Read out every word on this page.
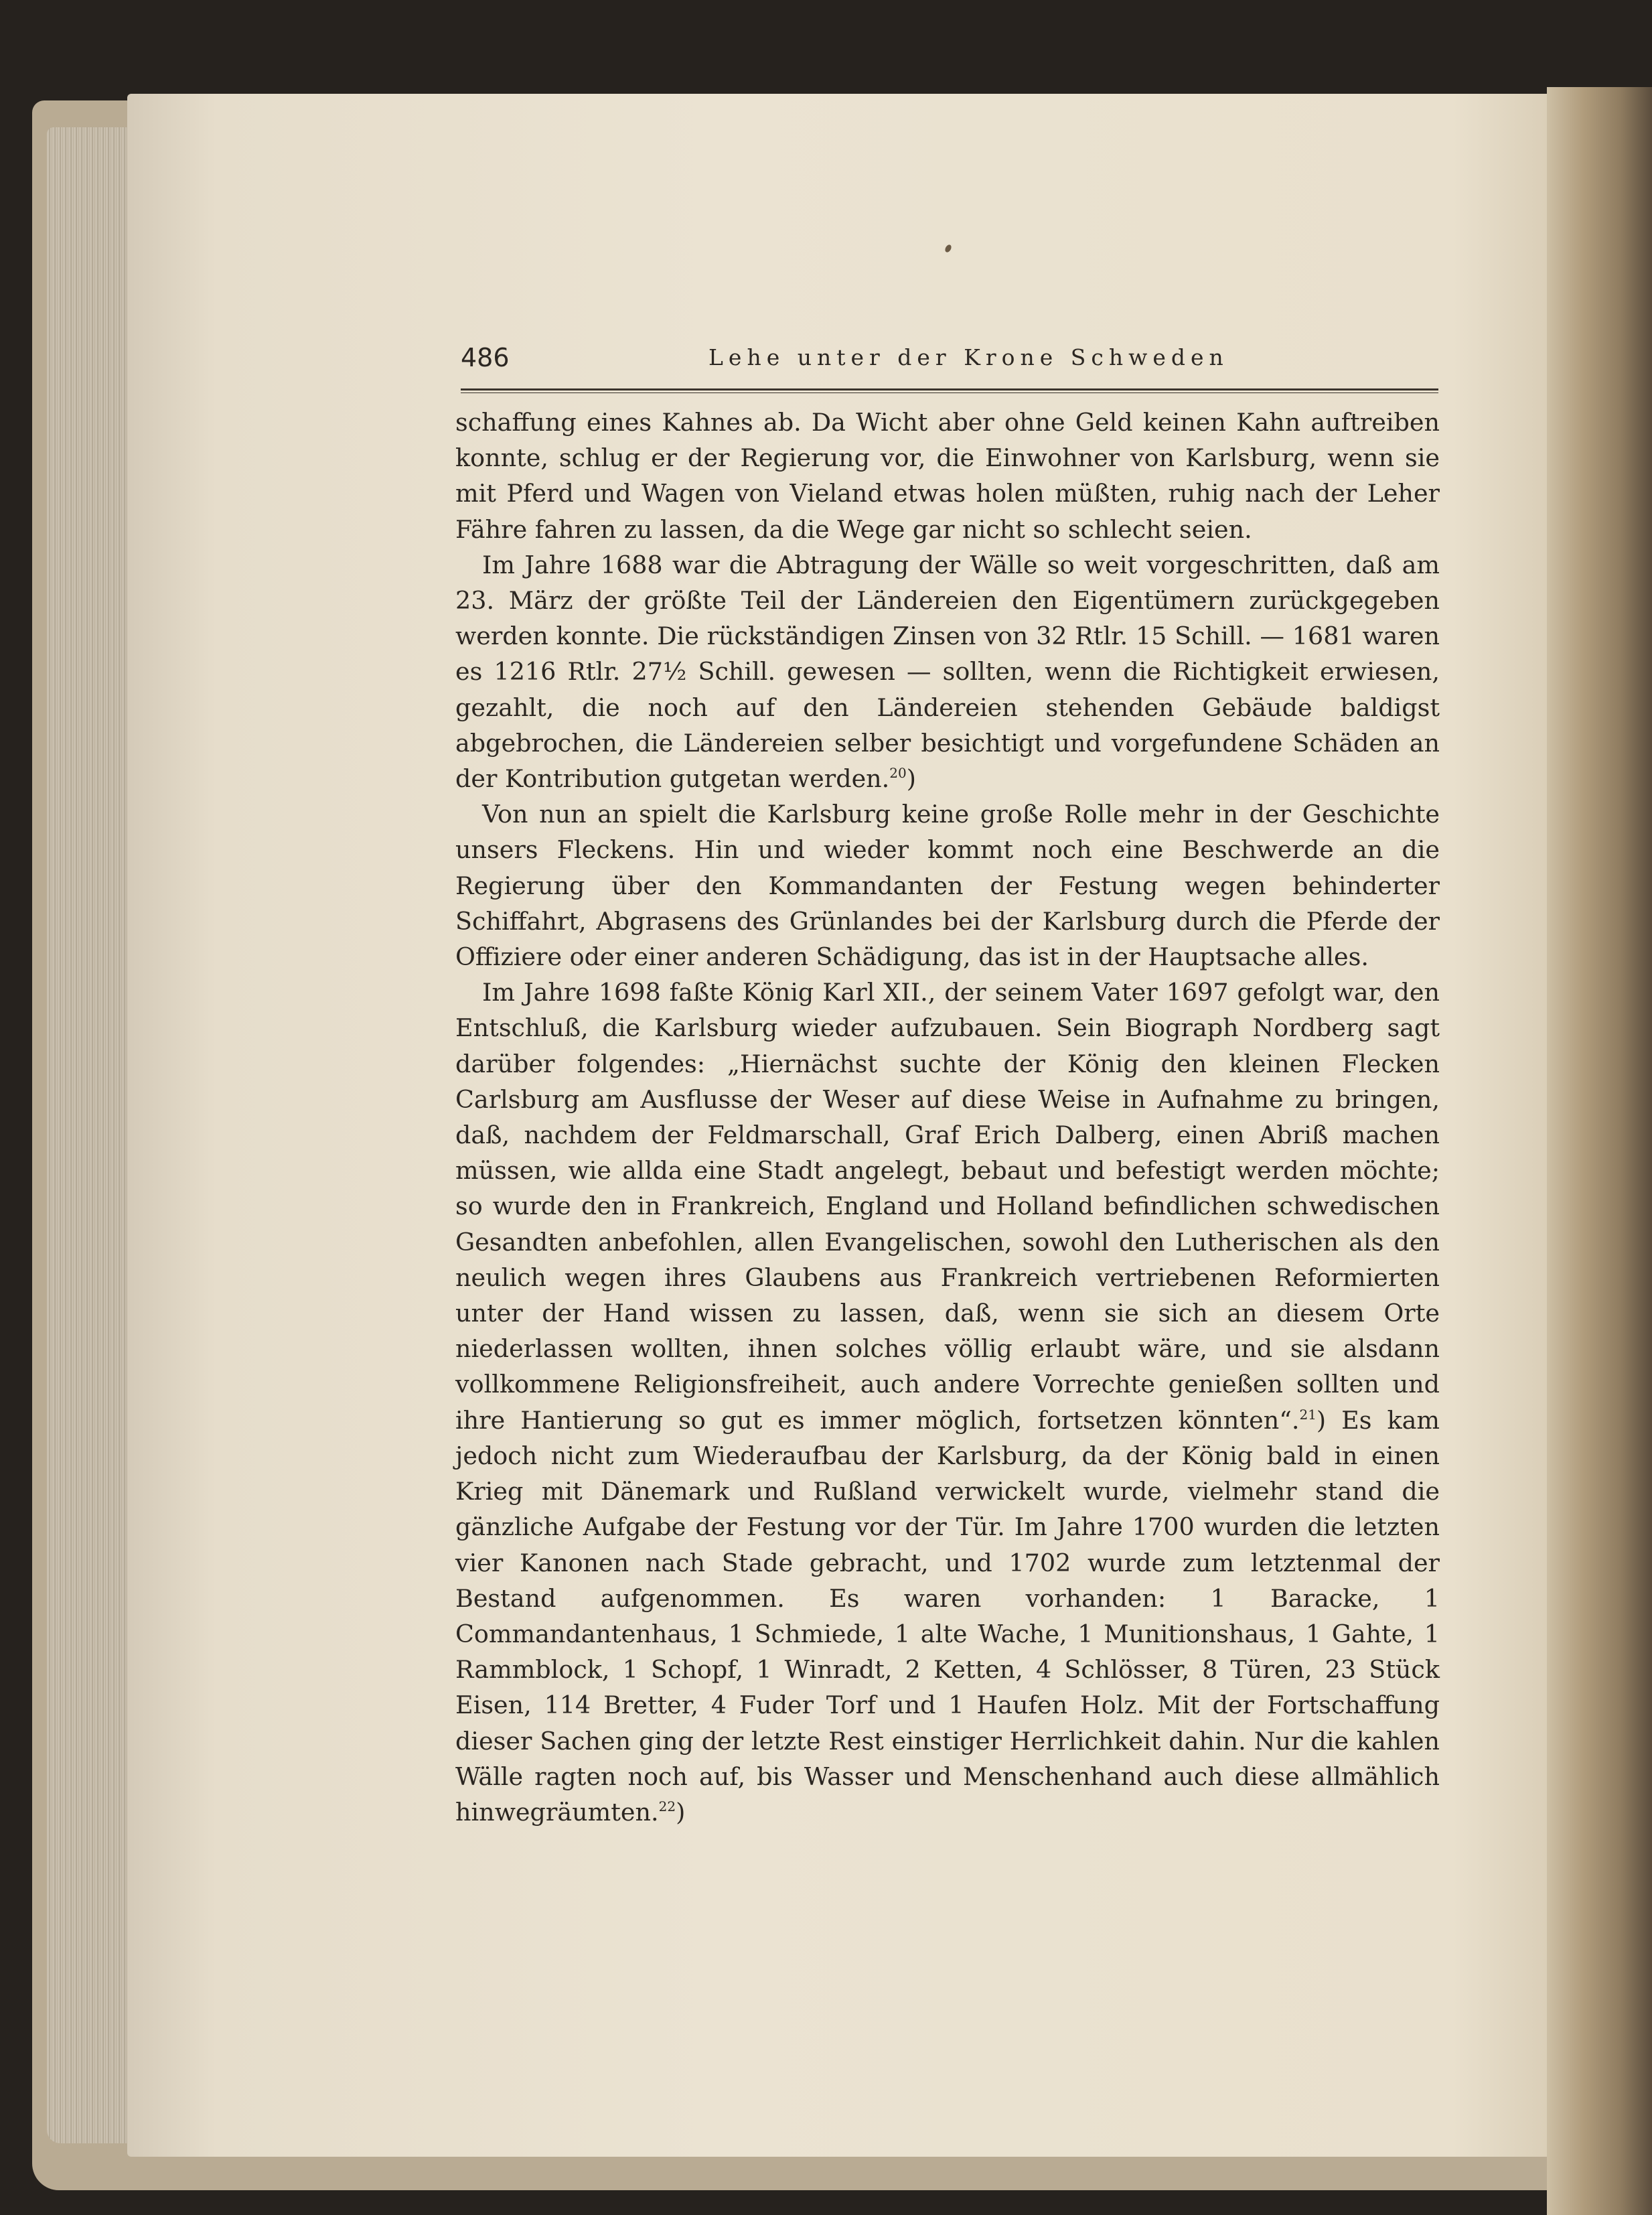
486	Lehe unter der Krone Schweden

schaffung eines Kahnes ab. Da Wicht aber ohne Geld keinen Kahn auftreiben konnte, schlug er der Regierung vor, die Einwohner von Karlsburg, wenn sie mit Pferd und Wagen von Vieland etwas holen müßten, ruhig nach der Leher Fähre fahren zu lassen, da die Wege gar nicht so schlecht seien.

Im Jahre 1688 war die Abtragung der Wälle so weit vorgeschritten, daß am 23. März der größte Teil der Ländereien den Eigentümern zurückgegeben werden konnte. Die rückständigen Zinsen von 32 Rtlr. 15 Schill. — 1681 waren es 1216 Rtlr. 27½ Schill. gewesen — sollten, wenn die Richtigkeit erwiesen, gezahlt, die noch auf den Ländereien stehenden Gebäude baldigst abgebrochen, die Ländereien selber besichtigt und vorgefundene Schäden an der Kontribution gutgetan werden.$^{20}$)

Von nun an spielt die Karlsburg keine große Rolle mehr in der Geschichte unsers Fleckens. Hin und wieder kommt noch eine Beschwerde an die Regierung über den Kommandanten der Festung wegen behinderter Schiffahrt, Abgrasens des Grünlandes bei der Karlsburg durch die Pferde der Offiziere oder einer anderen Schädigung, das ist in der Hauptsache alles.

Im Jahre 1698 faßte König Karl XII., der seinem Vater 1697 gefolgt war, den Entschluß, die Karlsburg wieder aufzubauen. Sein Biograph Nordberg sagt darüber folgendes: „Hiernächst suchte der König den kleinen Flecken Carlsburg am Ausflusse der Weser auf diese Weise in Aufnahme zu bringen, daß, nachdem der Feldmarschall, Graf Erich Dalberg, einen Abriß machen müssen, wie allda eine Stadt angelegt, bebaut und befestigt werden möchte; so wurde den in Frankreich, England und Holland befindlichen schwedischen Gesandten anbefohlen, allen Evangelischen, sowohl den Lutherischen als den neulich wegen ihres Glaubens aus Frankreich vertriebenen Reformierten unter der Hand wissen zu lassen, daß, wenn sie sich an diesem Orte niederlassen wollten, ihnen solches völlig erlaubt wäre, und sie alsdann vollkommene Religionsfreiheit, auch andere Vorrechte genießen sollten und ihre Hantierung so gut es immer möglich, fortsetzen könnten“.$^{21}$) Es kam jedoch nicht zum Wiederaufbau der Karlsburg, da der König bald in einen Krieg mit Dänemark und Rußland verwickelt wurde, vielmehr stand die gänzliche Aufgabe der Festung vor der Tür. Im Jahre 1700 wurden die letzten vier Kanonen nach Stade gebracht, und 1702 wurde zum letztenmal der Bestand aufgenommen. Es waren vorhanden: 1 Baracke, 1 Commandantenhaus, 1 Schmiede, 1 alte Wache, 1 Munitionshaus, 1 Gahte, 1 Rammblock, 1 Schopf, 1 Winradt, 2 Ketten, 4 Schlösser, 8 Türen, 23 Stück Eisen, 114 Bretter, 4 Fuder Torf und 1 Haufen Holz. Mit der Fortschaffung dieser Sachen ging der letzte Rest einstiger Herrlichkeit dahin. Nur die kahlen Wälle ragten noch auf, bis Wasser und Menschenhand auch diese allmählich hinwegräumten.$^{22}$)
